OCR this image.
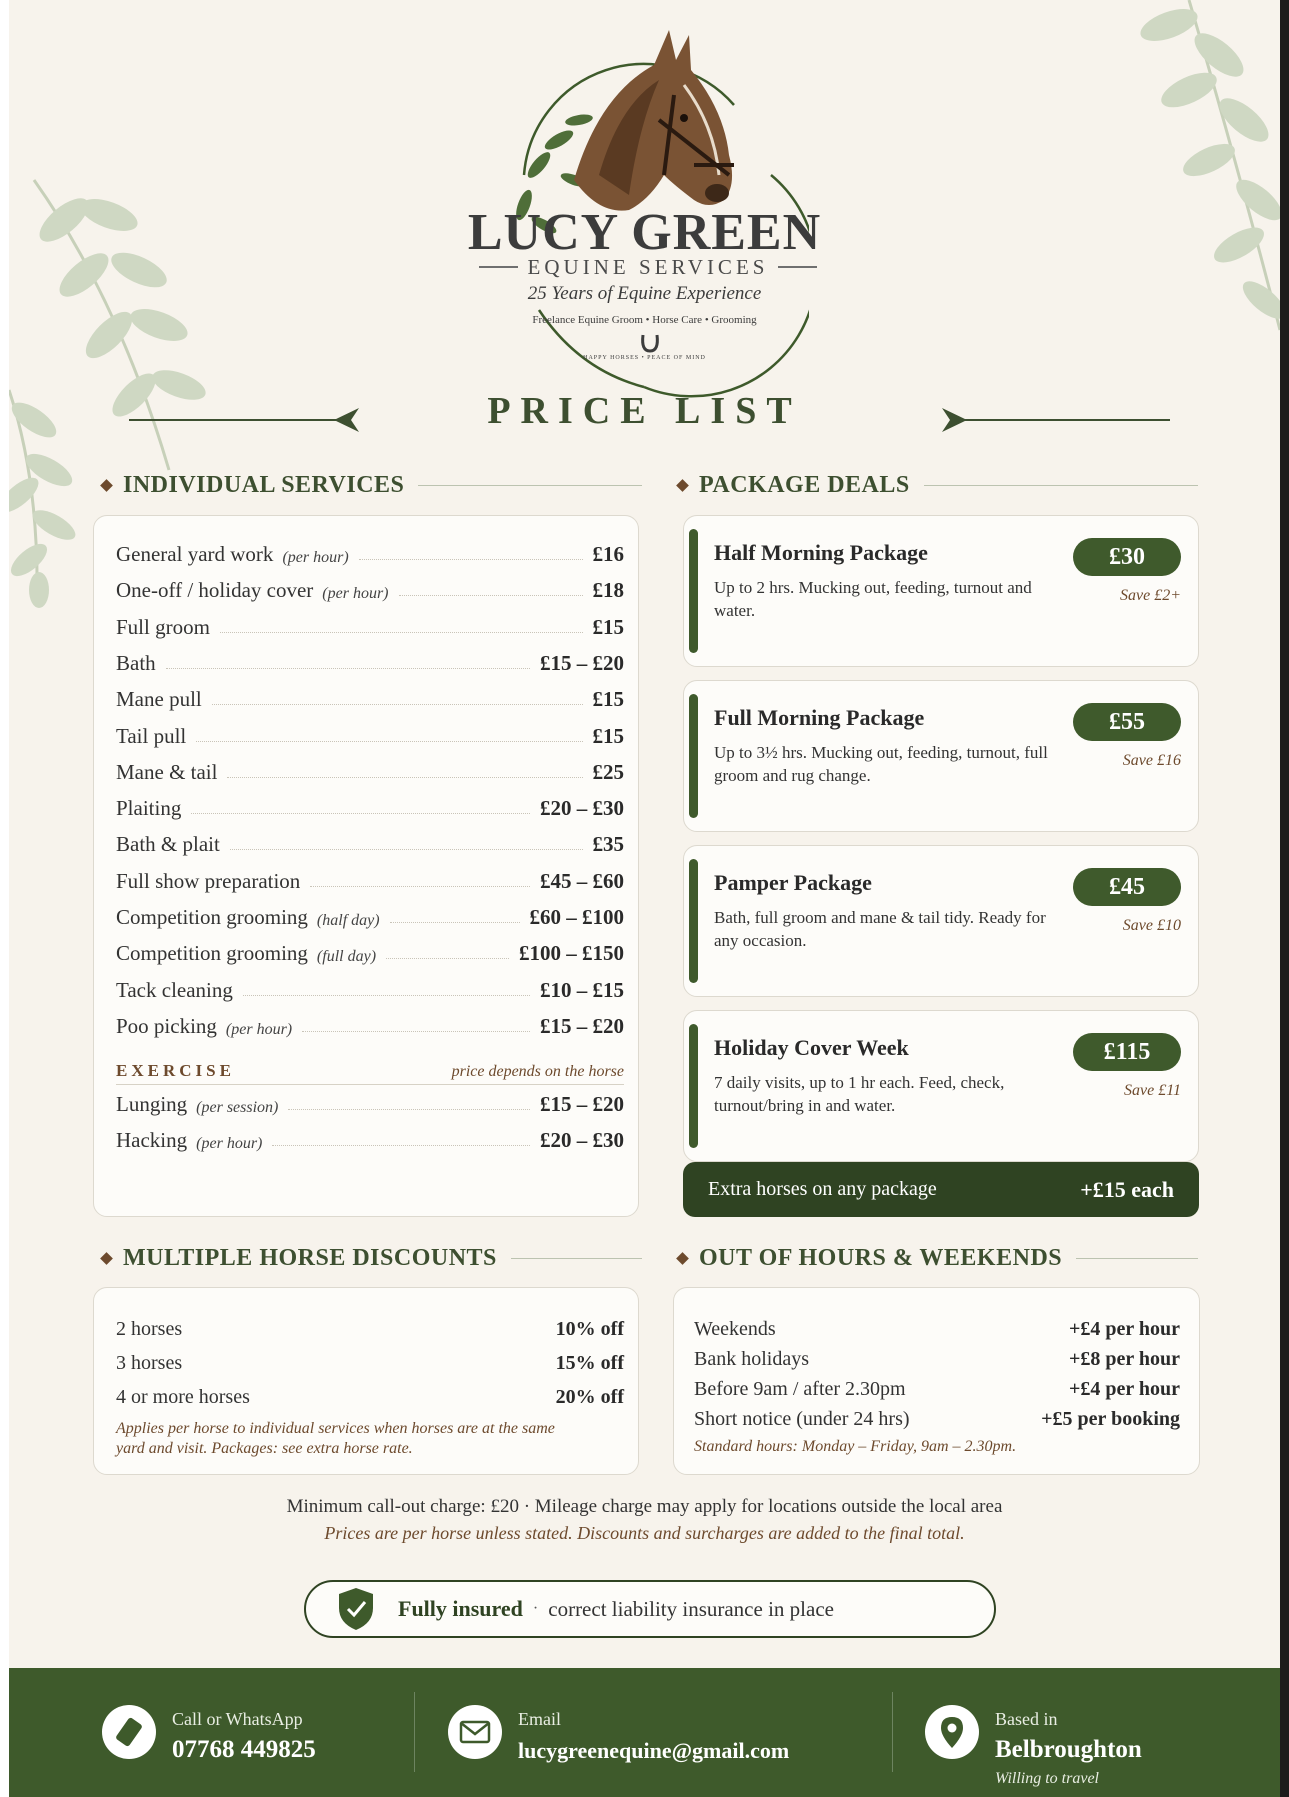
LUCY GREEN
EQUINE SERVICES
25 Years of Equine Experience
Freelance Equine Groom • Horse Care • Grooming
HAPPY HORSES • PEACE OF MIND
PRICE LIST
INDIVIDUAL SERVICES	PACKAGE DEALS
General yard work (per hour)	£16
One-off / holiday cover (per hour)	£18
Full groom	£15
Bath	£15 – £20
Mane pull	£15
Tail pull	£15
Mane & tail	£25
Plaiting	£20 – £30
Bath & plait	£35
Full show preparation	£45 – £60
Competition grooming (half day)	£60 – £100
Competition grooming (full day)	£100 – £150
Tack cleaning	£10 – £15
Poo picking (per hour)	£15 – £20
EXERCISE	price depends on the horse
Lunging (per session)	£15 – £20
Hacking (per hour)	£20 – £30
Half Morning Package
Up to 2 hrs. Mucking out, feeding, turnout and water.
£30
Save £2+
Full Morning Package
Up to 3½ hrs. Mucking out, feeding, turnout, full groom and rug change.
£55
Save £16
Pamper Package
Bath, full groom and mane & tail tidy. Ready for any occasion.
£45
Save £10
Holiday Cover Week
7 daily visits, up to 1 hr each. Feed, check, turnout/bring in and water.
£115
Save £11
Extra horses on any package	+£15 each
MULTIPLE HORSE DISCOUNTS	OUT OF HOURS & WEEKENDS
2 horses	10% off
3 horses	15% off
4 or more horses	20% off
Applies per horse to individual services when horses are at the same yard and visit. Packages: see extra horse rate.
Weekends	+£4 per hour
Bank holidays	+£8 per hour
Before 9am / after 2.30pm	+£4 per hour
Short notice (under 24 hrs)	+£5 per booking
Standard hours: Monday – Friday, 9am – 2.30pm.
Minimum call-out charge: £20 · Mileage charge may apply for locations outside the local area
Prices are per horse unless stated. Discounts and surcharges are added to the final total.
Fully insured · correct liability insurance in place
Call or WhatsApp
07768 449825
Email
lucygreenequine@gmail.com
Based in
Belbroughton
Willing to travel
